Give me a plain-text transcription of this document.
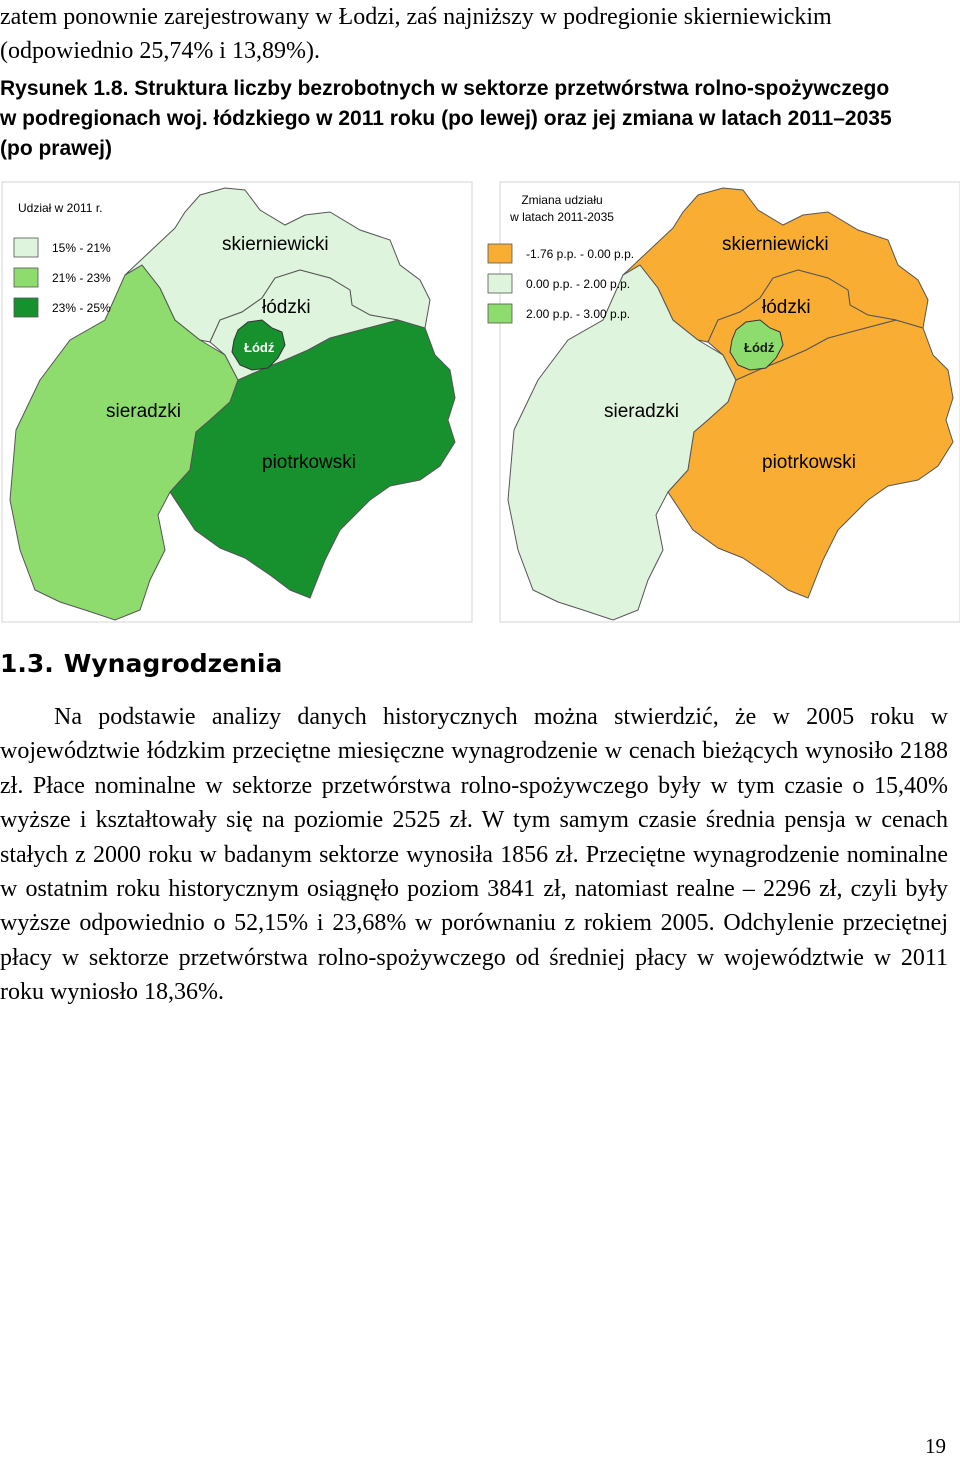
zatem ponownie zarejestrowany w Łodzi, zaś najniższy w podregionie skierniewickim

(odpowiednio 25,74% i 13,89%).

Rysunek 1.8. Struktura liczby bezrobotnych w sektorze przetwórstwa rolno-spożywczego
w podregionach woj. łódzkiego w 2011 roku (po lewej) oraz jej zmiana w latach 2011–2035
(po prawej)
skierniewicki
łódzki
Łódź
sieradzki
piotrkowski
Udział w 2011 r.
15% - 21%
21% - 23%
23% - 25%
skierniewicki
łódzki
Łódź
sieradzki
piotrkowski
Zmiana udziału
w latach 2011-2035
-1.76 p.p. - 0.00 p.p.
0.00 p.p. - 2.00 p.p.
2.00 p.p. - 3.00 p.p.
1.3. Wynagrodzenia

Na podstawie analizy danych historycznych można stwierdzić, że w 2005 roku w województwie łódzkim przeciętne miesięczne wynagrodzenie w cenach bieżących wynosiło 2188 zł. Płace nominalne w sektorze przetwórstwa rolno-spożywczego były w tym czasie o 15,40% wyższe i kształtowały się na poziomie 2525 zł. W tym samym czasie średnia pensja w cenach stałych z 2000 roku w badanym sektorze wynosiła 1856 zł. Przeciętne wynagrodzenie nominalne w ostatnim roku historycznym osiągnęło poziom 3841 zł, natomiast realne – 2296 zł, czyli były wyższe odpowiednio o 52,15% i 23,68% w porównaniu z rokiem 2005. Odchylenie przeciętnej płacy w sektorze przetwórstwa rolno-spożywczego od średniej płacy w województwie w 2011 roku wyniosło 18,36%.

19
